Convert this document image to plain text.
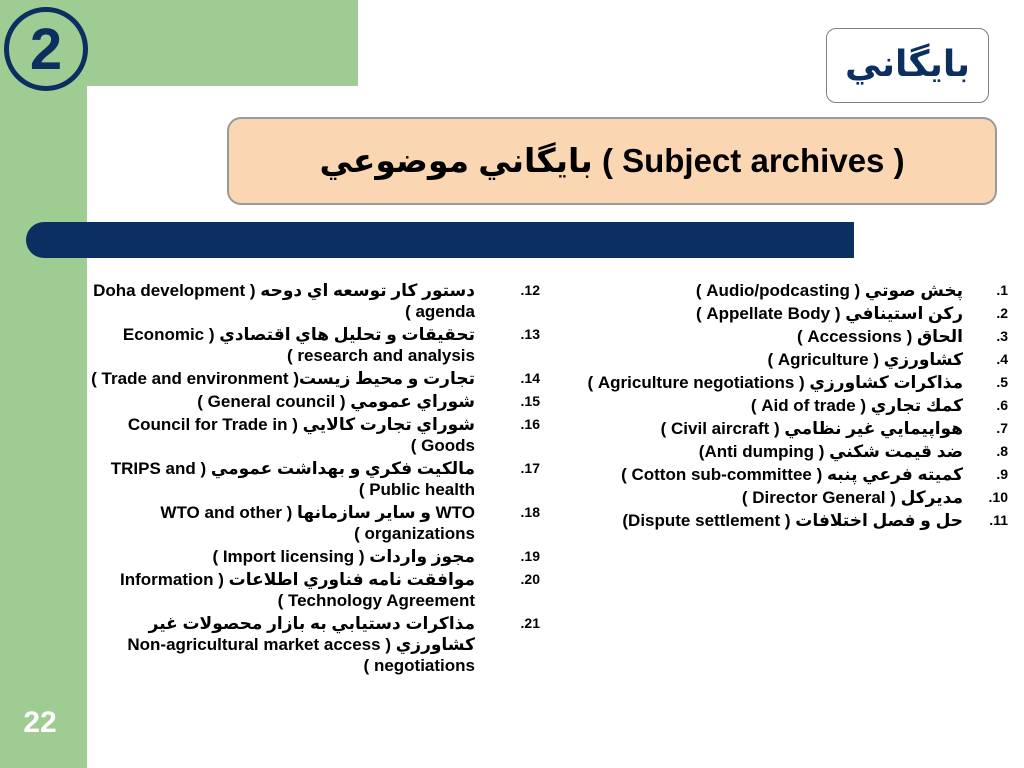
2
22
بايگاني
بايگاني موضوعي ( Subject archives )
پخش صوتي ( Audio/podcasting )	1.
ركن استينافي ( Appellate Body )	2.
الحاق ( Accessions )	3.
كشاورزي ( Agriculture )	4.
مذاكرات كشاورزي ( Agriculture negotiations )	5.
كمك تجاري ( Aid of trade )	6.
هواپيمايي غير نظامي ( Civil aircraft )	7.
ضد قيمت شكني ( Anti dumping)	8.
كميته فرعي پنبه ( Cotton sub-committee )	9.
مديركل ( Director General )	10.
حل و فصل اختلافات ( Dispute settlement)	11.
دستور كار توسعه اي دوحه ( Doha development agenda )
12.
تحقيقات و تحليل هاي اقتصادي ( Economic research and analysis )
13.
تجارت و محيط زيست( Trade and environment )	14.
شوراي عمومي ( General council )	15.
شوراي تجارت كالايي ( Council for Trade in Goods )
16.
مالكيت فكري و بهداشت عمومي ( TRIPS and Public health )
17.
WTO و ساير سازمانها ( WTO and other organizations )
18.
مجوز واردات ( Import licensing )	19.
موافقت نامه فناوري اطلاعات ( Information Technology Agreement )
20.
مذاكرات دستيابي به بازار محصولات غير كشاورزي ( Non-agricultural market access negotiations )
21.
